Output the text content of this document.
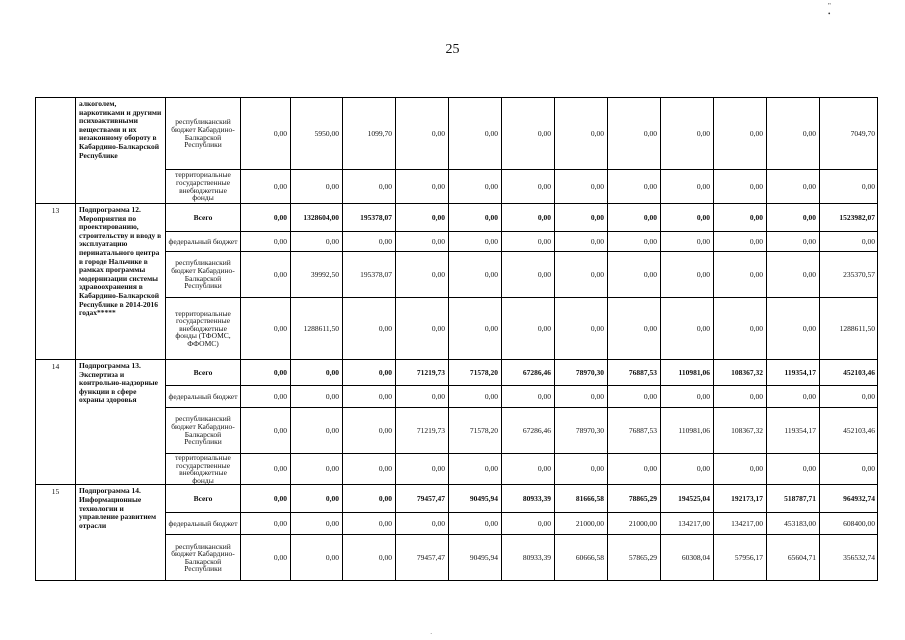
" •
25
	алкоголем, наркотиками и другими психоактивными веществами и их незаконному обороту в Кабардино-Балкарской Республике	республиканский бюджет Кабардино-Балкарской Республики	0,00	5950,00	1099,70	0,00	0,00	0,00	0,00	0,00	0,00	0,00	0,00	7049,70
		территориальные государственные внебюджетные фонды	0,00	0,00	0,00	0,00	0,00	0,00	0,00	0,00	0,00	0,00	0,00	0,00
13	Подпрограмма 12. Мероприятия по проектированию, строительству и вводу в эксплуатацию перинатального центра в городе Нальчике в рамках программы модернизации системы здравоохранения в Кабардино-Балкарской Республике в 2014-2016 годах*****	Всего	0,00	1328604,00	195378,07	0,00	0,00	0,00	0,00	0,00	0,00	0,00	0,00	1523982,07
		федеральный бюджет	0,00	0,00	0,00	0,00	0,00	0,00	0,00	0,00	0,00	0,00	0,00	0,00
		республиканский бюджет Кабардино-Балкарской Республики	0,00	39992,50	195378,07	0,00	0,00	0,00	0,00	0,00	0,00	0,00	0,00	235370,57
		территориальные государственные внебюджетные фонды (ТФОМС, ФФОМС)	0,00	1288611,50	0,00	0,00	0,00	0,00	0,00	0,00	0,00	0,00	0,00	1288611,50
14	Подпрограмма 13. Экспертиза и контрольно-надзорные функции в сфере охраны здоровья	Всего	0,00	0,00	0,00	71219,73	71578,20	67286,46	78970,30	76887,53	110981,06	108367,32	119354,17	452103,46
		федеральный бюджет	0,00	0,00	0,00	0,00	0,00	0,00	0,00	0,00	0,00	0,00	0,00	0,00
		республиканский бюджет Кабардино-Балкарской Республики	0,00	0,00	0,00	71219,73	71578,20	67286,46	78970,30	76887,53	110981,06	108367,32	119354,17	452103,46
		территориальные государственные внебюджетные фонды	0,00	0,00	0,00	0,00	0,00	0,00	0,00	0,00	0,00	0,00	0,00	0,00
15	Подпрограмма 14. Информационные технологии и управление развитием отрасли	Всего	0,00	0,00	0,00	79457,47	90495,94	80933,39	81666,58	78865,29	194525,04	192173,17	518787,71	964932,74
		федеральный бюджет	0,00	0,00	0,00	0,00	0,00	0,00	21000,00	21000,00	134217,00	134217,00	453183,00	608400,00
		республиканский бюджет Кабардино-Балкарской Республики	0,00	0,00	0,00	79457,47	90495,94	80933,39	60666,58	57865,29	60308,04	57956,17	65604,71	356532,74
·
